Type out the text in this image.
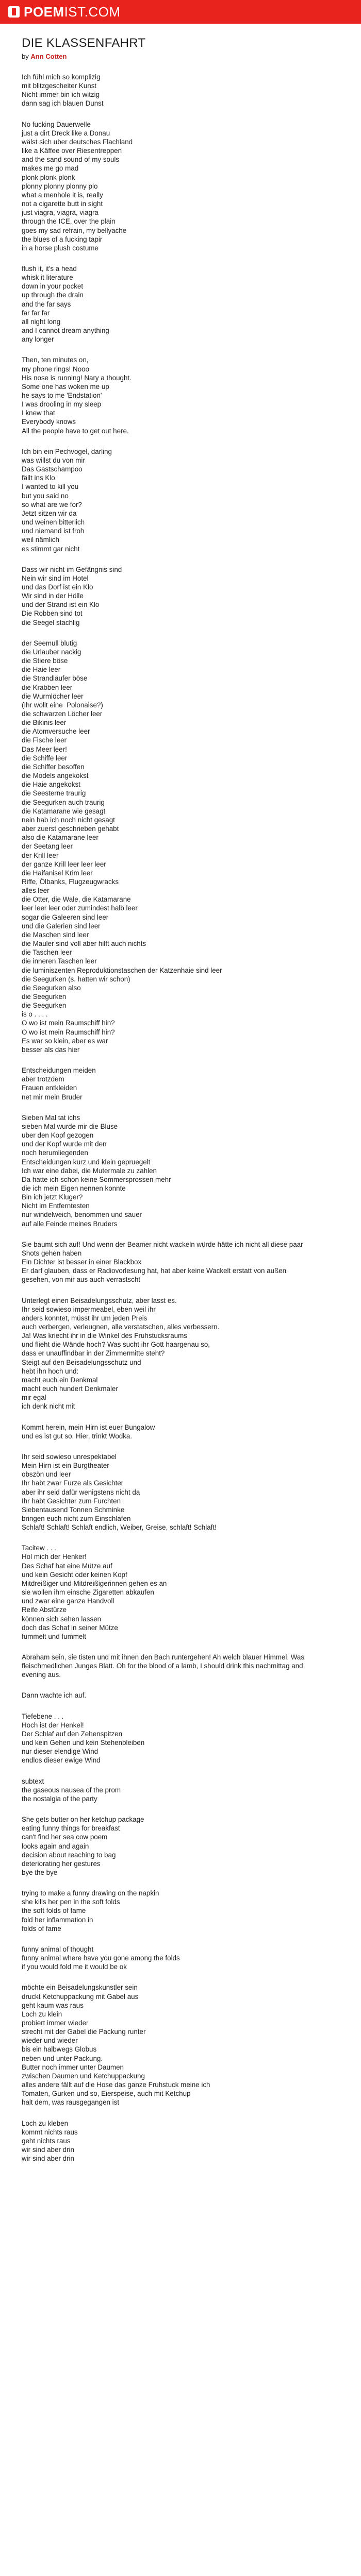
POEM IST.COM
DIE KLASSENFAHRT
by Ann Cotten

Ich fühl mich so komplizig
mit blitzgescheiter Kunst
Nicht immer bin ich witzig
dann sag ich blauen Dunst

No fucking Dauerwelle
just a dirt Dreck like a Donau
wälst sich uber deutsches Flachland
like a Käffee over Riesentreppen
and the sand sound of my souls
makes me go mad
plonk plonk plonk
plonny plonny plonny plo
what a menhole it is, really
not a cigarette butt in sight
just viagra, viagra, viagra
through the ICE, over the plain
goes my sad refrain, my bellyache
the blues of a fucking tapir
in a horse plush costume

flush it, it's a head
whisk it literature
down in your pocket
up through the drain
and the far says
far far far
all night long
and I cannot dream anything
any longer

Then, ten minutes on,
my phone rings! Nooo
His nose is running! Nary a thought.
Some one has woken me up
he says to me 'Endstation'
I was drooling in my sleep
I knew that
Everybody knows
All the people have to get out here.

Ich bin ein Pechvogel, darling
was willst du von mir
Das Gastschampoo
fällt ins Klo
I wanted to kill you
but you said no
so what are we for?
Jetzt sitzen wir da
und weinen bitterlich
und niemand ist froh
weil nämlich
es stimmt gar nicht

Dass wir nicht im Gefängnis sind
Nein wir sind im Hotel
und das Dorf ist ein Klo
Wir sind in der Hölle
und der Strand ist ein Klo
Die Robben sind tot
die Seegel stachlig

der Seemull blutig
die Urlauber nackig
die Stiere böse
die Haie leer
die Strandläufer böse
die Krabben leer
die Wurmlöcher leer
(Ihr wollt eine  Polonaise?)
die schwarzen Löcher leer
die Bikinis leer
die Atomversuche leer
die Fische leer
Das Meer leer!
die Schiffe leer
die Schiffer besoffen
die Models angekokst
die Haie angekokst
die Seesterne traurig
die Seegurken auch traurig
die Katamarane wie gesagt
nein hab ich noch nicht gesagt
aber zuerst geschrieben gehabt
also die Katamarane leer
der Seetang leer
der Krill leer
der ganze Krill leer leer leer
die Haifanisel Krim leer
Riffe, Ölbanks, Flugzeugwracks
alles leer
die Otter, die Wale, die Katamarane
leer leer leer oder zumindest halb leer
sogar die Galeeren sind leer
und die Galerien sind leer
die Maschen sind leer
die Mauler sind voll aber hilft auch nichts
die Taschen leer
die inneren Taschen leer
die luminiszenten Reproduktionstaschen der Katzenhaie sind leer
die Seegurken (s. hatten wir schon)
die Seegurken also
die Seegurken
die Seegurken
is o . . . .
O wo ist mein Raumschiff hin?
O wo ist mein Raumschiff hin?
Es war so klein, aber es war
besser als das hier

Entscheidungen meiden
aber trotzdem
Frauen entkleiden
net mir mein Bruder

Sieben Mal tat ichs
sieben Mal wurde mir die Bluse
uber den Kopf gezogen
und der Kopf wurde mit den
noch herumliegenden
Entscheidungen kurz und klein gepruegelt
Ich war eine dabei, die Mutermale zu zahlen
Da hatte ich schon keine Sommersprossen mehr
die ich mein Eigen nennen konnte
Bin ich jetzt Kluger?
Nicht im Entferntesten
nur windelweich, benommen und sauer
auf alle Feinde meines Bruders

Sie baumt sich auf! Und wenn der Beamer nicht wackeln würde hätte ich nicht all diese paar Shots gehen haben
Ein Dichter ist besser in einer Blackbox
Er darf glauben, dass er Radiovorlesung hat, hat aber keine Wackelt erstatt von außen gesehen, von mir aus auch verrastscht

Unterlegt einen Beisadelungsschutz, aber lasst es.
Ihr seid sowieso impermeabel, eben weil ihr
anders konntet, müsst ihr um jeden Preis
auch verbergen, verleugnen, alle verstatschen, alles verbessern.
Ja! Was kriecht ihr in die Winkel des Fruhstucksraums
und flieht die Wände hoch? Was sucht ihr Gott haargenau so,
dass er unauffindbar in der Zimmermitte steht?
Steigt auf den Beisadelungsschutz und
hebt ihn hoch und:
macht euch ein Denkmal
macht euch hundert Denkmaler
mir egal
ich denk nicht mit

Kommt herein, mein Hirn ist euer Bungalow
und es ist gut so. Hier, trinkt Wodka.

Ihr seid sowieso unrespektabel
Mein Hirn ist ein Burgtheater
obszön und leer
Ihr habt zwar Furze als Gesichter
aber ihr seid dafür wenigstens nicht da
Ihr habt Gesichter zum Furchten
Siebentausend Tonnen Schminke
bringen euch nicht zum Einschlafen
Schlaft! Schlaft! Schlaft endlich, Weiber, Greise, schlaft! Schlaft!

Tacitew . . .
Hol mich der Henker!
Des Schaf hat eine Mütze auf
und kein Gesicht oder keinen Kopf
Mitdreißiger und Mitdreißigerinnen gehen es an
sie wollen ihm einsche Zigaretten abkaufen
und zwar eine ganze Handvoll
Reife Abstürze
können sich sehen lassen
doch das Schaf in seiner Mütze
fummelt und fummelt

Abraham sein, sie tisten und mit ihnen den Bach runtergehen! Ah welch blauer Himmel. Was fleischmedlichen Junges Blatt. Oh for the blood of a lamb, I should drink this nachmittag and evening aus.

Dann wachte ich auf.

Tiefebene . . .
Hoch ist der Henkel!
Der Schlaf auf den Zehenspitzen
und kein Gehen und kein Stehenbleiben
nur dieser elendige Wind
endlos dieser ewige Wind

subtext
the gaseous nausea of the prom
the nostalgia of the party

She gets butter on her ketchup package
eating funny things for breakfast
can't find her sea cow poem
looks again and again
decision about reaching to bag
deteriorating her gestures
bye the bye

trying to make a funny drawing on the napkin
she kills her pen in the soft folds
the soft folds of fame
fold her inflammation in
folds of fame

funny animal of thought
funny animal where have you gone among the folds
if you would fold me it would be ok

möchte ein Beisadelungskunstler sein
druckt Ketchuppackung mit Gabel aus
geht kaum was raus
Loch zu klein
probiert immer wieder
strecht mit der Gabel die Packung runter
wieder und wieder
bis ein halbwegs Globus
neben und unter Packung.
Butter noch immer unter Daumen
zwischen Daumen und Ketchuppackung
alles andere fällt auf die Hose das ganze Fruhstuck meine ich
Tomaten, Gurken und so, Eierspeise, auch mit Ketchup
halt dem, was rausgegangen ist

Loch zu kleben
kommt nichts raus
geht nichts raus
wir sind aber drin
wir sind aber drin
